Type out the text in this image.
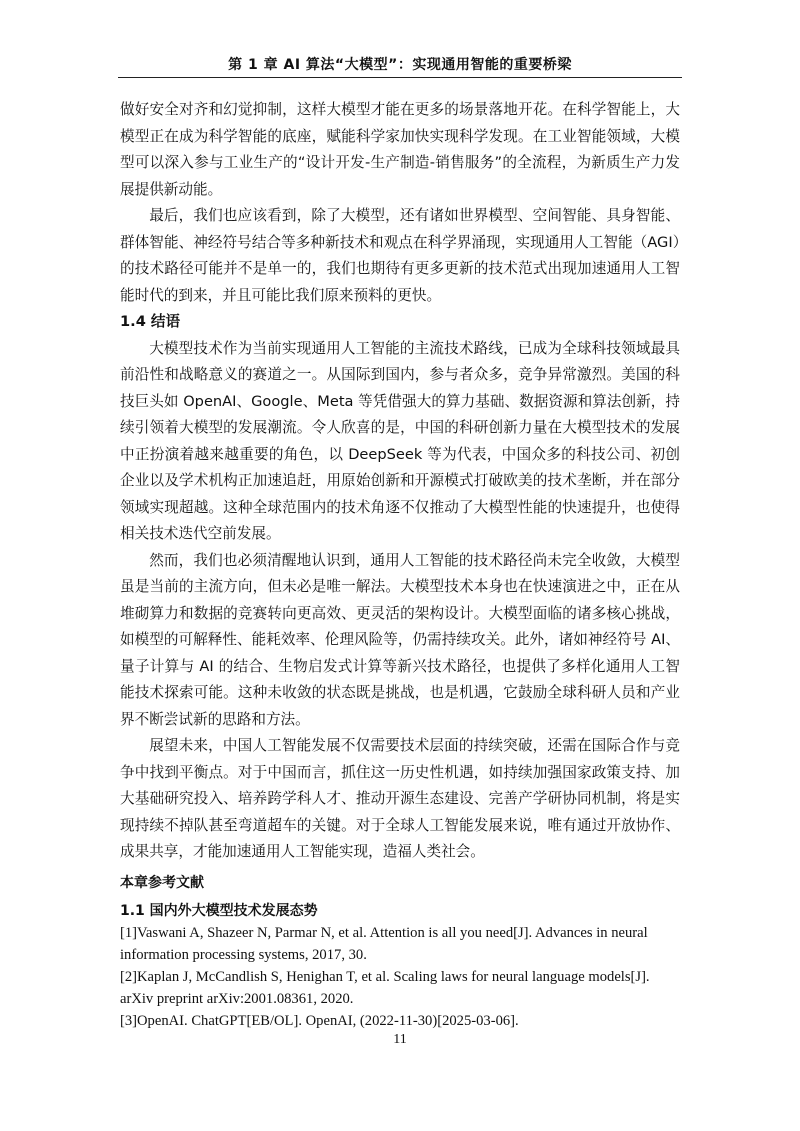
第 1 章 AI 算法“大模型”：实现通用智能的重要桥梁

做好安全对齐和幻觉抑制，这样大模型才能在更多的场景落地开花。在科学智能上，大模型正在成为科学智能的底座，赋能科学家加快实现科学发现。在工业智能领域，大模型可以深入参与工业生产的“设计开发-生产制造-销售服务”的全流程，为新质生产力发展提供新动能。

最后，我们也应该看到，除了大模型，还有诸如世界模型、空间智能、具身智能、群体智能、神经符号结合等多种新技术和观点在科学界涌现，实现通用人工智能（AGI）的技术路径可能并不是单一的，我们也期待有更多更新的技术范式出现加速通用人工智能时代的到来，并且可能比我们原来预料的更快。

1.4 结语

大模型技术作为当前实现通用人工智能的主流技术路线，已成为全球科技领域最具前沿性和战略意义的赛道之一。从国际到国内，参与者众多，竞争异常激烈。美国的科技巨头如 OpenAI、Google、Meta 等凭借强大的算力基础、数据资源和算法创新，持续引领着大模型的发展潮流。令人欣喜的是，中国的科研创新力量在大模型技术的发展中正扮演着越来越重要的角色，以 DeepSeek 等为代表，中国众多的科技公司、初创企业以及学术机构正加速追赶，用原始创新和开源模式打破欧美的技术垄断，并在部分领域实现超越。这种全球范围内的技术角逐不仅推动了大模型性能的快速提升，也使得相关技术迭代空前发展。

然而，我们也必须清醒地认识到，通用人工智能的技术路径尚未完全收敛，大模型虽是当前的主流方向，但未必是唯一解法。大模型技术本身也在快速演进之中，正在从堆砌算力和数据的竞赛转向更高效、更灵活的架构设计。大模型面临的诸多核心挑战，如模型的可解释性、能耗效率、伦理风险等，仍需持续攻关。此外，诸如神经符号 AI、量子计算与 AI 的结合、生物启发式计算等新兴技术路径，也提供了多样化通用人工智能技术探索可能。这种未收敛的状态既是挑战，也是机遇，它鼓励全球科研人员和产业界不断尝试新的思路和方法。

展望未来，中国人工智能发展不仅需要技术层面的持续突破，还需在国际合作与竞争中找到平衡点。对于中国而言，抓住这一历史性机遇，如持续加强国家政策支持、加大基础研究投入、培养跨学科人才、推动开源生态建设、完善产学研协同机制，将是实现持续不掉队甚至弯道超车的关键。对于全球人工智能发展来说，唯有通过开放协作、成果共享，才能加速通用人工智能实现，造福人类社会。

本章参考文献
1.1 国内外大模型技术发展态势

[1]Vaswani A, Shazeer N, Parmar N, et al. Attention is all you need[J]. Advances in neural information processing systems, 2017, 30.

[2]Kaplan J, McCandlish S, Henighan T, et al. Scaling laws for neural language models[J]. arXiv preprint arXiv:2001.08361, 2020.

[3]OpenAI. ChatGPT[EB/OL]. OpenAI, (2022-11-30)[2025-03-06].

11
